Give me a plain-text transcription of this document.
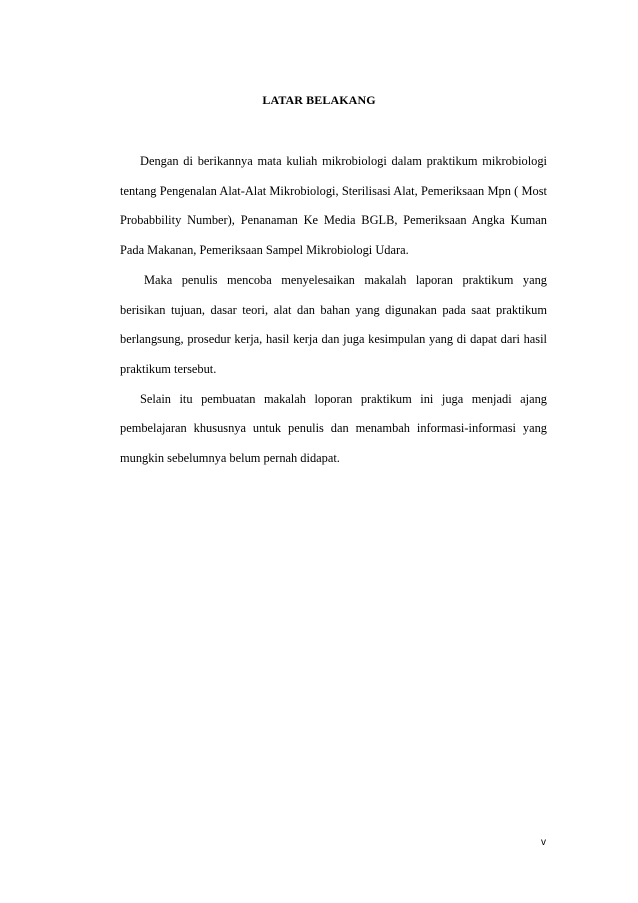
LATAR BELAKANG

Dengan di berikannya mata kuliah mikrobiologi dalam praktikum mikrobiologi tentang Pengenalan Alat-Alat Mikrobiologi, Sterilisasi Alat, Pemeriksaan Mpn ( Most Probabbility Number), Penanaman Ke Media BGLB, Pemeriksaan Angka Kuman Pada Makanan, Pemeriksaan Sampel Mikrobiologi Udara.

Maka penulis mencoba menyelesaikan makalah laporan praktikum yang berisikan tujuan, dasar teori, alat dan bahan yang digunakan pada saat praktikum berlangsung, prosedur kerja, hasil kerja dan juga kesimpulan yang di dapat dari hasil praktikum tersebut.

Selain itu pembuatan makalah loporan praktikum ini juga menjadi ajang pembelajaran khususnya untuk penulis dan menambah informasi-informasi yang mungkin sebelumnya belum pernah didapat.

v
